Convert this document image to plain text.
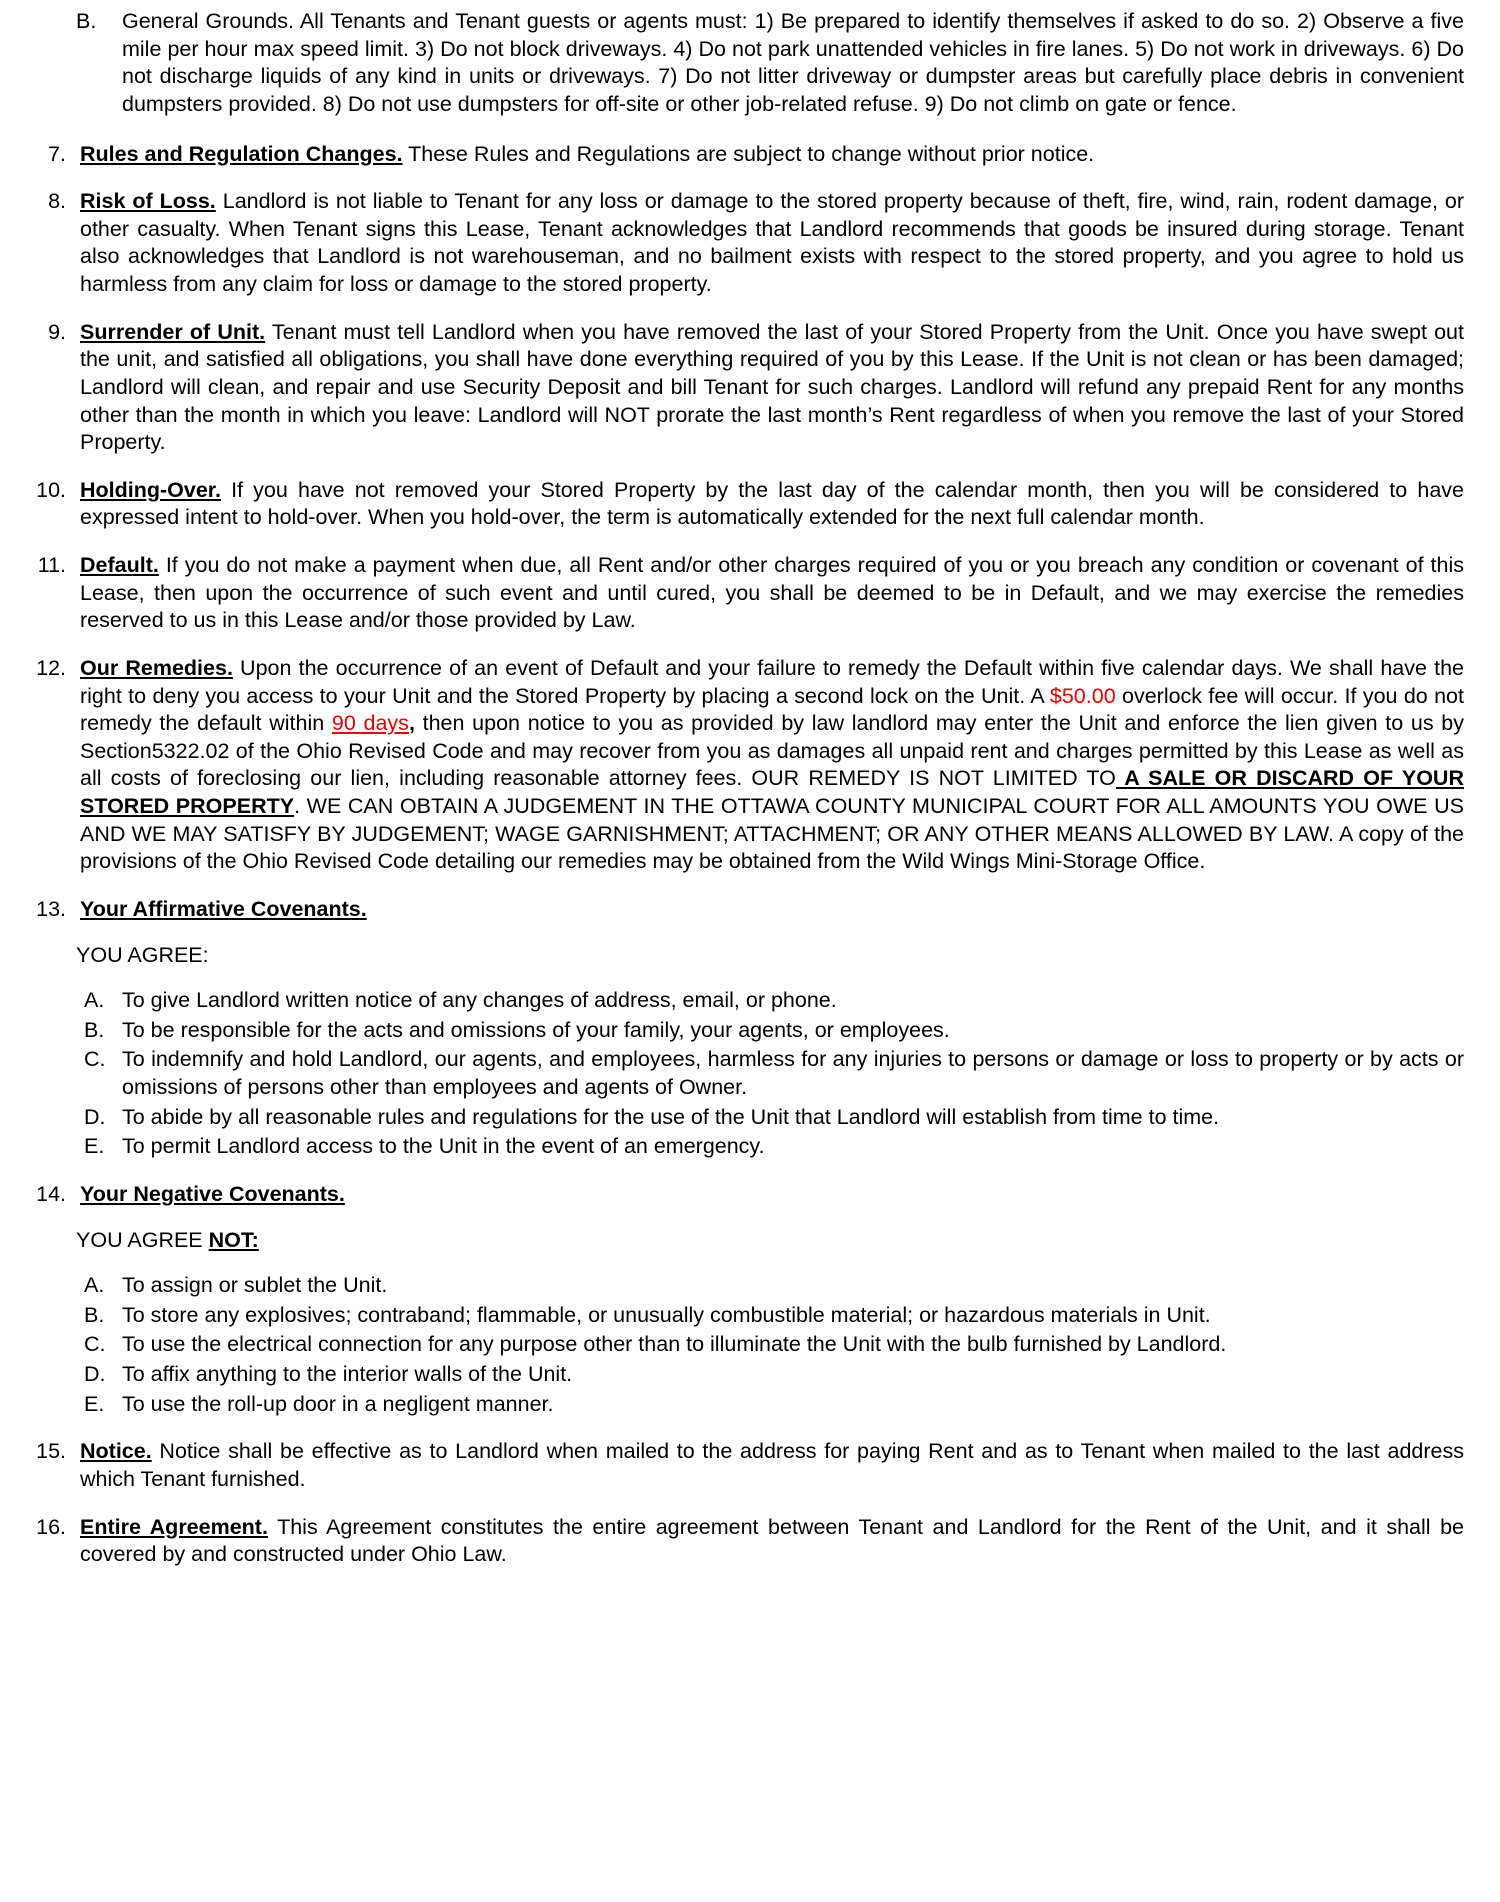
B.	General Grounds. All Tenants and Tenant guests or agents must: 1) Be prepared to identify themselves if asked to do so. 2) Observe a five mile per hour max speed limit. 3) Do not block driveways. 4) Do not park unattended vehicles in fire lanes. 5) Do not work in driveways. 6) Do not discharge liquids of any kind in units or driveways. 7) Do not litter driveway or dumpster areas but carefully place debris in convenient dumpsters provided. 8) Do not use dumpsters for off-site or other job-related refuse. 9) Do not climb on gate or fence.
7. Rules and Regulation Changes. These Rules and Regulations are subject to change without prior notice.
8. Risk of Loss. Landlord is not liable to Tenant for any loss or damage to the stored property because of theft, fire, wind, rain, rodent damage, or other casualty. When Tenant signs this Lease, Tenant acknowledges that Landlord recommends that goods be insured during storage. Tenant also acknowledges that Landlord is not warehouseman, and no bailment exists with respect to the stored property, and you agree to hold us harmless from any claim for loss or damage to the stored property.
9. Surrender of Unit. Tenant must tell Landlord when you have removed the last of your Stored Property from the Unit. Once you have swept out the unit, and satisfied all obligations, you shall have done everything required of you by this Lease. If the Unit is not clean or has been damaged; Landlord will clean, and repair and use Security Deposit and bill Tenant for such charges. Landlord will refund any prepaid Rent for any months other than the month in which you leave: Landlord will NOT prorate the last month’s Rent regardless of when you remove the last of your Stored Property.
10. Holding-Over. If you have not removed your Stored Property by the last day of the calendar month, then you will be considered to have expressed intent to hold-over. When you hold-over, the term is automatically extended for the next full calendar month.
11. Default. If you do not make a payment when due, all Rent and/or other charges required of you or you breach any condition or covenant of this Lease, then upon the occurrence of such event and until cured, you shall be deemed to be in Default, and we may exercise the remedies reserved to us in this Lease and/or those provided by Law.
12. Our Remedies. Upon the occurrence of an event of Default and your failure to remedy the Default within five calendar days. We shall have the right to deny you access to your Unit and the Stored Property by placing a second lock on the Unit. A $50.00 overlock fee will occur. If you do not remedy the default within 90 days, then upon notice to you as provided by law landlord may enter the Unit and enforce the lien given to us by Section5322.02 of the Ohio Revised Code and may recover from you as damages all unpaid rent and charges permitted by this Lease as well as all costs of foreclosing our lien, including reasonable attorney fees. OUR REMEDY IS NOT LIMITED TO A SALE OR DISCARD OF YOUR STORED PROPERTY. WE CAN OBTAIN A JUDGEMENT IN THE OTTAWA COUNTY MUNICIPAL COURT FOR ALL AMOUNTS YOU OWE US AND WE MAY SATISFY BY JUDGEMENT; WAGE GARNISHMENT; ATTACHMENT; OR ANY OTHER MEANS ALLOWED BY LAW. A copy of the provisions of the Ohio Revised Code detailing our remedies may be obtained from the Wild Wings Mini-Storage Office.
13. Your Affirmative Covenants.
YOU AGREE:
A. To give Landlord written notice of any changes of address, email, or phone.
B. To be responsible for the acts and omissions of your family, your agents, or employees.
C. To indemnify and hold Landlord, our agents, and employees, harmless for any injuries to persons or damage or loss to property or by acts or omissions of persons other than employees and agents of Owner.
D. To abide by all reasonable rules and regulations for the use of the Unit that Landlord will establish from time to time.
E. To permit Landlord access to the Unit in the event of an emergency.
14. Your Negative Covenants.
YOU AGREE NOT:
A. To assign or sublet the Unit.
B. To store any explosives; contraband; flammable, or unusually combustible material; or hazardous materials in Unit.
C. To use the electrical connection for any purpose other than to illuminate the Unit with the bulb furnished by Landlord.
D. To affix anything to the interior walls of the Unit.
E. To use the roll-up door in a negligent manner.
15. Notice. Notice shall be effective as to Landlord when mailed to the address for paying Rent and as to Tenant when mailed to the last address which Tenant furnished.
16. Entire Agreement. This Agreement constitutes the entire agreement between Tenant and Landlord for the Rent of the Unit, and it shall be covered by and constructed under Ohio Law.
